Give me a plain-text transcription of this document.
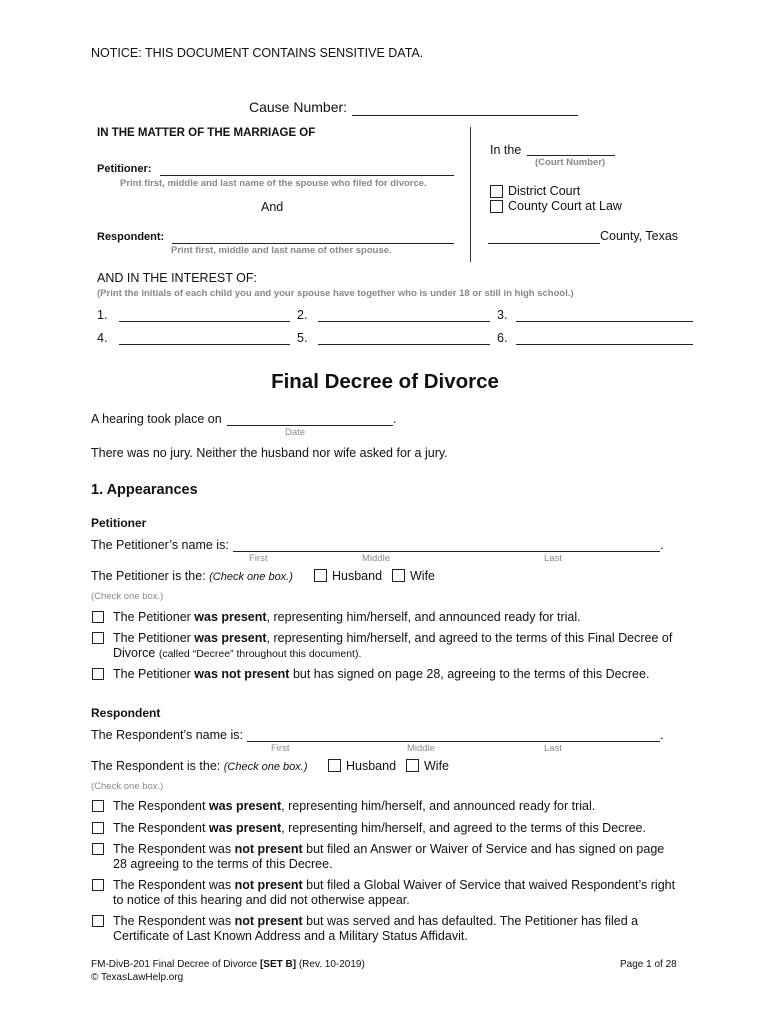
NOTICE: THIS DOCUMENT CONTAINS SENSITIVE DATA.
Cause Number:
IN THE MATTER OF THE MARRIAGE OF
Petitioner:
Print first, middle and last name of the spouse who filed for divorce.
And
Respondent:
Print first, middle and last name of other spouse.
In the
(Court Number)
District Court
County Court at Law
County, Texas
AND IN THE INTEREST OF:
(Print the initials of each child you and your spouse have together who is under 18 or still in high school.)
1.	2.	3.
4.	5.	6.
Final Decree of Divorce
A hearing took place on	.
Date
There was no jury. Neither the husband nor wife asked for a jury.
1. Appearances
Petitioner
The Petitioner’s name is:	.
First	Middle	Last
The Petitioner is the: (Check one box.)	Husband Wife
(Check one box.)
The Petitioner was present, representing him/herself, and announced ready for trial.
The Petitioner was present, representing him/herself, and agreed to the terms of this Final Decree of
Divorce (called “Decree” throughout this document).
The Petitioner was not present but has signed on page 28, agreeing to the terms of this Decree.
Respondent
The Respondent’s name is:	.
First	Middle	Last
The Respondent is the: (Check one box.)	Husband Wife
(Check one box.)
The Respondent was present, representing him/herself, and announced ready for trial.
The Respondent was present, representing him/herself, and agreed to the terms of this Decree.
The Respondent was not present but filed an Answer or Waiver of Service and has signed on page
28 agreeing to the terms of this Decree.
The Respondent was not present but filed a Global Waiver of Service that waived Respondent’s right
to notice of this hearing and did not otherwise appear.
The Respondent was not present but was served and has defaulted. The Petitioner has filed a
Certificate of Last Known Address and a Military Status Affidavit.
FM-DivB-201 Final Decree of Divorce [SET B] (Rev. 10-2019)
© TexasLawHelp.org
Page 1 of 28
